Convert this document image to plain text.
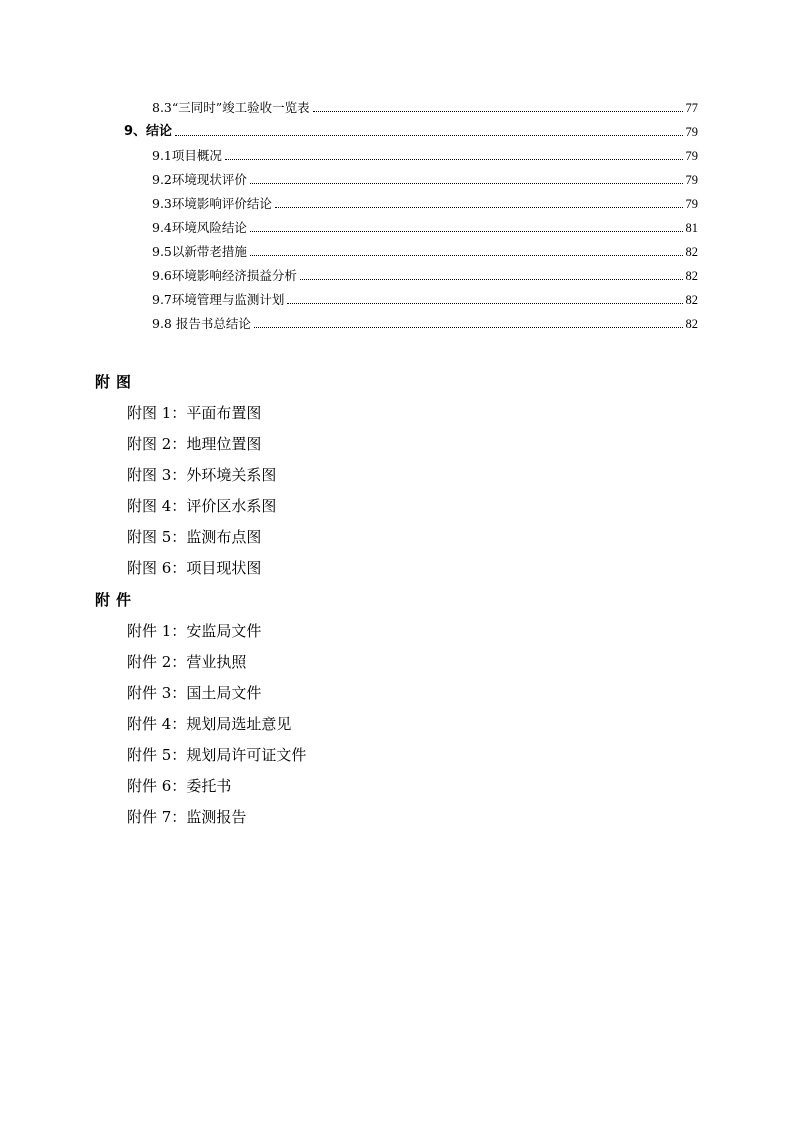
8.3“三同时”竣工验收一览表	77
9、结论	79
9.1项目概况	79
9.2环境现状评价	79
9.3环境影响评价结论	79
9.4环境风险结论	81
9.5以新带老措施	82
9.6环境影响经济损益分析	82
9.7环境管理与监测计划	82
9.8 报告书总结论	82
附图
附图 1：平面布置图
附图 2：地理位置图
附图 3：外环境关系图
附图 4：评价区水系图
附图 5：监测布点图
附图 6：项目现状图
附件
附件 1：安监局文件
附件 2：营业执照
附件 3：国土局文件
附件 4：规划局选址意见
附件 5：规划局许可证文件
附件 6：委托书
附件 7：监测报告
